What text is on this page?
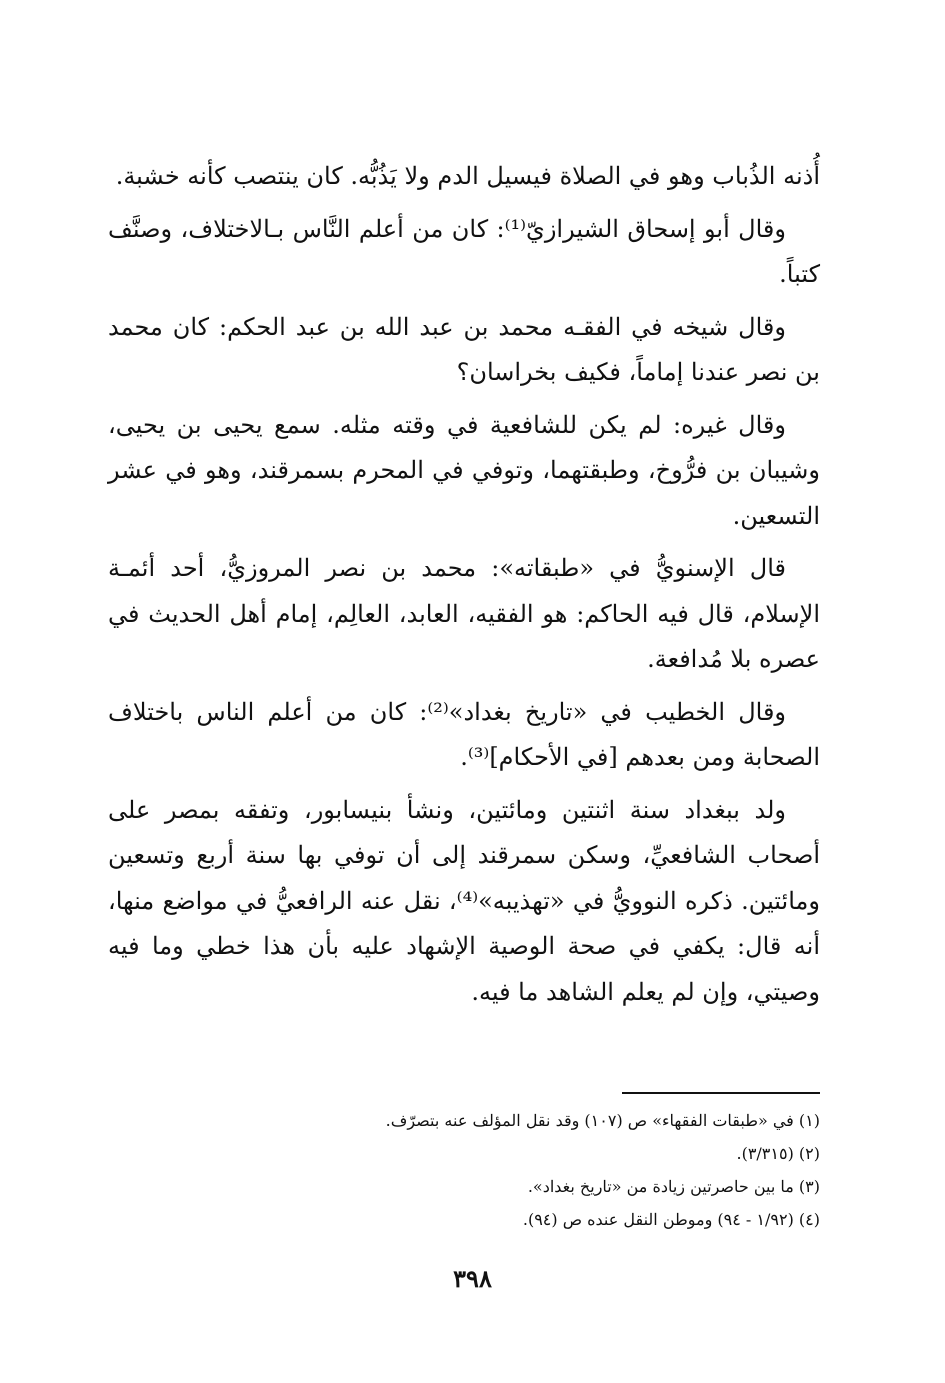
أُذنه الذُباب وهو في الصلاة فيسيل الدم ولا يَذُبُّه. كان ينتصب كأنه خشبة.

وقال أبو إسحاق الشيرازيّ⁽¹⁾: كان من أعلم النَّاس بـالاختلاف، وصنَّف كتباً.

وقال شيخه في الفقـه محمد بن عبد الله بن عبد الحكم: كان محمد بن نصر عندنا إماماً، فكيف بخراسان؟

وقال غيره: لم يكن للشافعية في وقته مثله. سمع يحيى بن يحيى، وشيبان بن فرُّوخ، وطبقتهما، وتوفي في المحرم بسمرقند، وهو في عشر التسعين.

قال الإسنويُّ في «طبقاته»: محمد بن نصر المروزيُّ، أحد أئمـة الإسلام، قال فيه الحاكم: هو الفقيه، العابد، العالِم، إمام أهل الحديث في عصره بلا مُدافعة.

وقال الخطيب في «تاريخ بغداد»⁽²⁾: كان من أعلم الناس باختلاف الصحابة ومن بعدهم [في الأحكام]⁽³⁾.

ولد ببغداد سنة اثنتين ومائتين، ونشأ بنيسابور، وتفقه بمصر على أصحاب الشافعيِّ، وسكن سمرقند إلى أن توفي بها سنة أربع وتسعين ومائتين. ذكره النوويُّ في «تهذيبه»⁽⁴⁾، نقل عنه الرافعيُّ في مواضع منها، أنه قال: يكفي في صحة الوصية الإشهاد عليه بأن هذا خطي وما فيه وصيتي، وإن لم يعلم الشاهد ما فيه.

(١) في «طبقات الفقهاء» ص (١٠٧) وقد نقل المؤلف عنه بتصرّف.
(٢) (٣/٣١٥).
(٣) ما بين حاصرتين زيادة من «تاريخ بغداد».
(٤) (١/٩٢ - ٩٤) وموطن النقل عنده ص (٩٤).
٣٩٨
